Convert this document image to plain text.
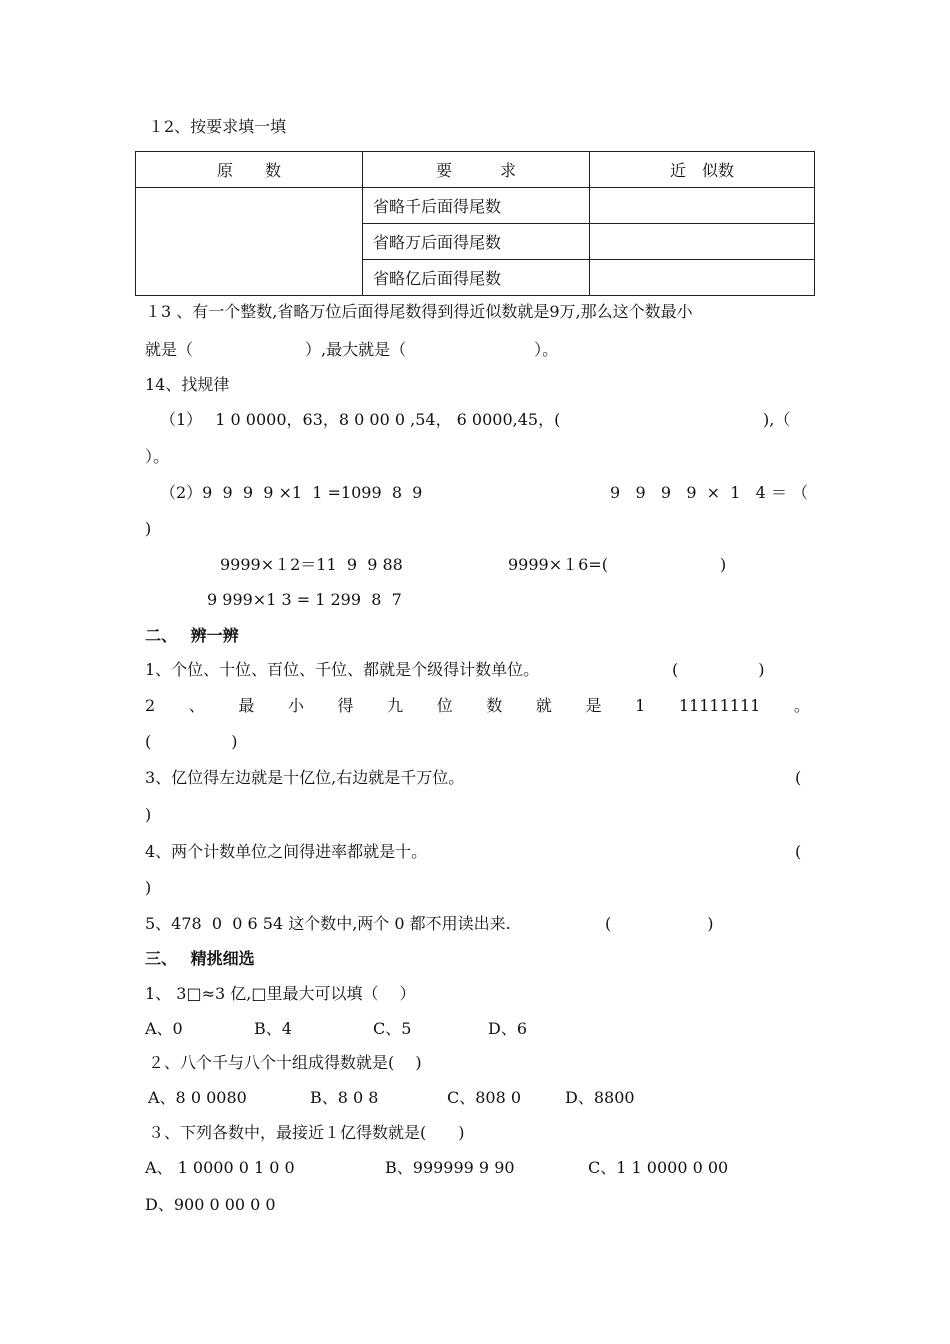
１2、按要求填一填
原　　数	要　　　求	近　似数
	省略千后面得尾数	
	省略万后面得尾数	
	省略亿后面得尾数	
１3 、有一个整数,省略万位后面得尾数得到得近似数就是9万,那么这个数最小
就是（　　　　　　　）,最大就是（　　　　　　　　）。
14、找规律
（1）　 1 0 0000，63，8 0 00 0 ,54， 6 0000,45，(	),（
）。
（2）9  9  9  9 ×1  1 =1099  8  9	9   9   9   9  ×  1   4 ＝ （
)
9999×１2＝11  9  9 88	9999×１6=(　　　　　　　)
9 999×1 3 = 1 299  8  7
二、　 辨一辨
1、个位、十位、百位、千位、都就是个级得计数单位。	(　　　　　)
2 、 最 小 得 九 位 数 就 是 1 11111111 。
(　　　　　)
3、亿位得左边就是十亿位,右边就是千万位。	(
)
4、两个计数单位之间得进率都就是十。	(
)
5、478  0  0 6 54 这个数中,两个 0 都不用读出来.	(　　　　　　)
三、　 精挑细选
1、 3□≈3 亿,□里最大可以填（　 ）
A、0	B、4	C、5	D、6
２、八个千与八个十组成得数就是(　 )
A、8 0 0080	B、8 0 8	C、808 0	D、8800
３、下列各数中，最接近１亿得数就是(　　)
A、 1 0000 0 1 0 0	B、999999 9 90	C、1 1 0000 0 00
D、900 0 00 0 0
